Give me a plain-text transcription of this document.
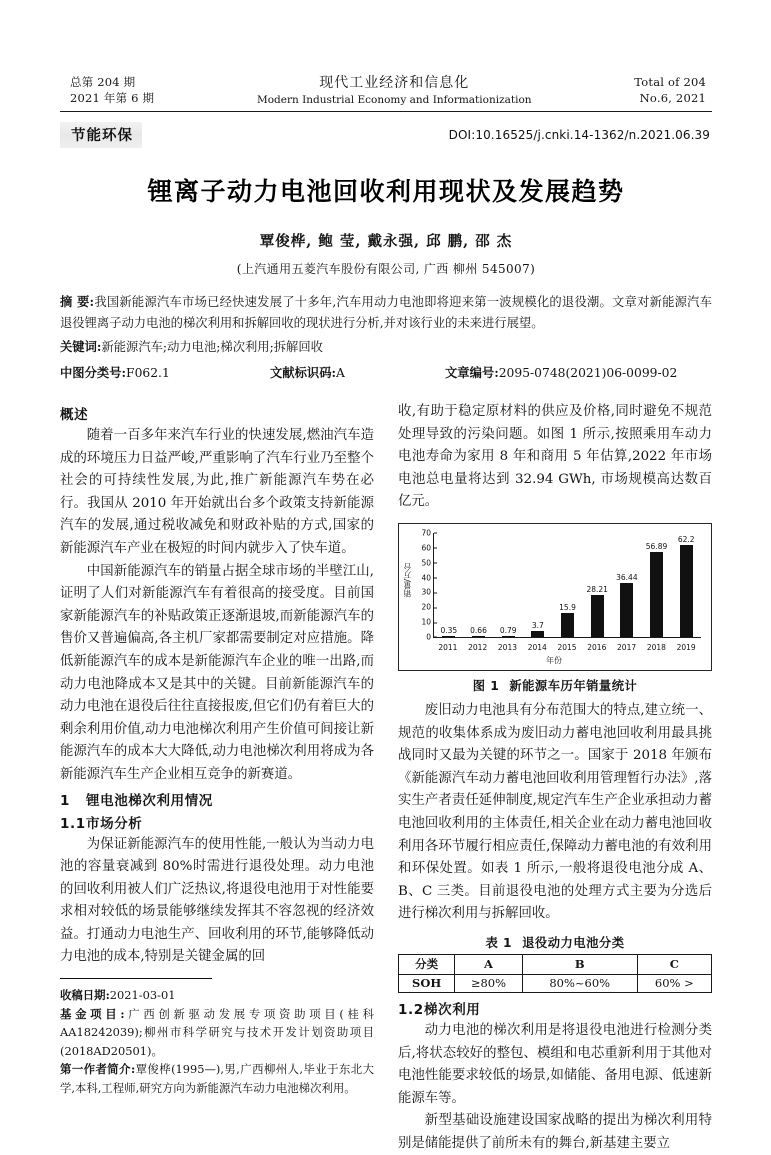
总第 204 期
2021 年第 6 期
现代工业经济和信息化
Modern Industrial Economy and Informationization
Total of 204
No.6, 2021
节能环保	DOI:10.16525/j.cnki.14-1362/n.2021.06.39
锂离子动力电池回收利用现状及发展趋势
覃俊桦, 鲍 莹, 戴永强, 邱 鹏, 邵 杰
(上汽通用五菱汽车股份有限公司, 广西 柳州 545007)
摘 要:我国新能源汽车市场已经快速发展了十多年,汽车用动力电池即将迎来第一波规模化的退役潮。文章对新能源汽车退役锂离子动力电池的梯次利用和拆解回收的现状进行分析,并对该行业的未来进行展望。
关键词:新能源汽车;动力电池;梯次利用;拆解回收
中图分类号:F062.1	文献标识码:A	文章编号:2095-0748(2021)06-0099-02
概述

随着一百多年来汽车行业的快速发展,燃油汽车造成的环境压力日益严峻,严重影响了汽车行业乃至整个社会的可持续性发展,为此,推广新能源汽车势在必行。我国从 2010 年开始就出台多个政策支持新能源汽车的发展,通过税收减免和财政补贴的方式,国家的新能源汽车产业在极短的时间内就步入了快车道。

中国新能源汽车的销量占据全球市场的半壁江山,证明了人们对新能源汽车有着很高的接受度。目前国家新能源汽车的补贴政策正逐渐退坡,而新能源汽车的售价又普遍偏高,各主机厂家都需要制定对应措施。降低新能源汽车的成本是新能源汽车企业的唯一出路,而动力电池降成本又是其中的关键。目前新能源汽车的动力电池在退役后往往直接报废,但它们仍有着巨大的剩余利用价值,动力电池梯次利用产生价值可间接让新能源汽车的成本大大降低,动力电池梯次利用将成为各新能源汽车生产企业相互竞争的新赛道。

1 锂电池梯次利用情况
1.1市场分析

为保证新能源汽车的使用性能,一般认为当动力电池的容量衰减到 80%时需进行退役处理。动力电池的回收利用被人们广泛热议,将退役电池用于对性能要求相对较低的场景能够继续发挥其不容忽视的经济效益。打通动力电池生产、回收利用的环节,能够降低动力电池的成本,特别是关键金属的回

收稿日期:2021-03-01

基金项目:广西创新驱动发展专项资助项目(桂科 AA18242039);柳州市科学研究与技术开发计划资助项目(2018AD20501)。

第一作者简介:覃俊桦(1995—),男,广西柳州人,毕业于东北大学,本科,工程师,研究方向为新能源汽车动力电池梯次利用。

收,有助于稳定原材料的供应及价格,同时避免不规范处理导致的污染问题。如图 1 所示,按照乘用车动力电池寿命为家用 8 年和商用 5 年估算,2022 年市场电池总电量将达到 32.94 GWh, 市场规模高达数百亿元。

销量/万台
0
10
20
30
40
50
60
70
0.35 0.66 0.79 3.7
15.9
28.21
36.44
56.89
62.2
2011	2012	2013	2014	2015	2016	2017	2018	2019
年份
图 1 新能源车历年销量统计

废旧动力电池具有分布范围大的特点,建立统一、规范的收集体系成为废旧动力蓄电池回收利用最具挑战同时又最为关键的环节之一。国家于 2018 年颁布《新能源汽车动力蓄电池回收利用管理暂行办法》,落实生产者责任延伸制度,规定汽车生产企业承担动力蓄电池回收利用的主体责任,相关企业在动力蓄电池回收利用各环节履行相应责任,保障动力蓄电池的有效利用和环保处置。如表 1 所示,一般将退役电池分成 A、B、C 三类。目前退役电池的处理方式主要为分选后进行梯次利用与拆解回收。

表 1 退役动力电池分类
分类	A	B	C
SOH	≥80%	80%~60%	60% >
1.2梯次利用

动力电池的梯次利用是将退役电池进行检测分类后,将状态较好的整包、模组和电芯重新利用于其他对电池性能要求较低的场景,如储能、备用电源、低速新能源车等。

新型基础设施建设国家战略的提出为梯次利用特别是储能提供了前所未有的舞台,新基建主要立
